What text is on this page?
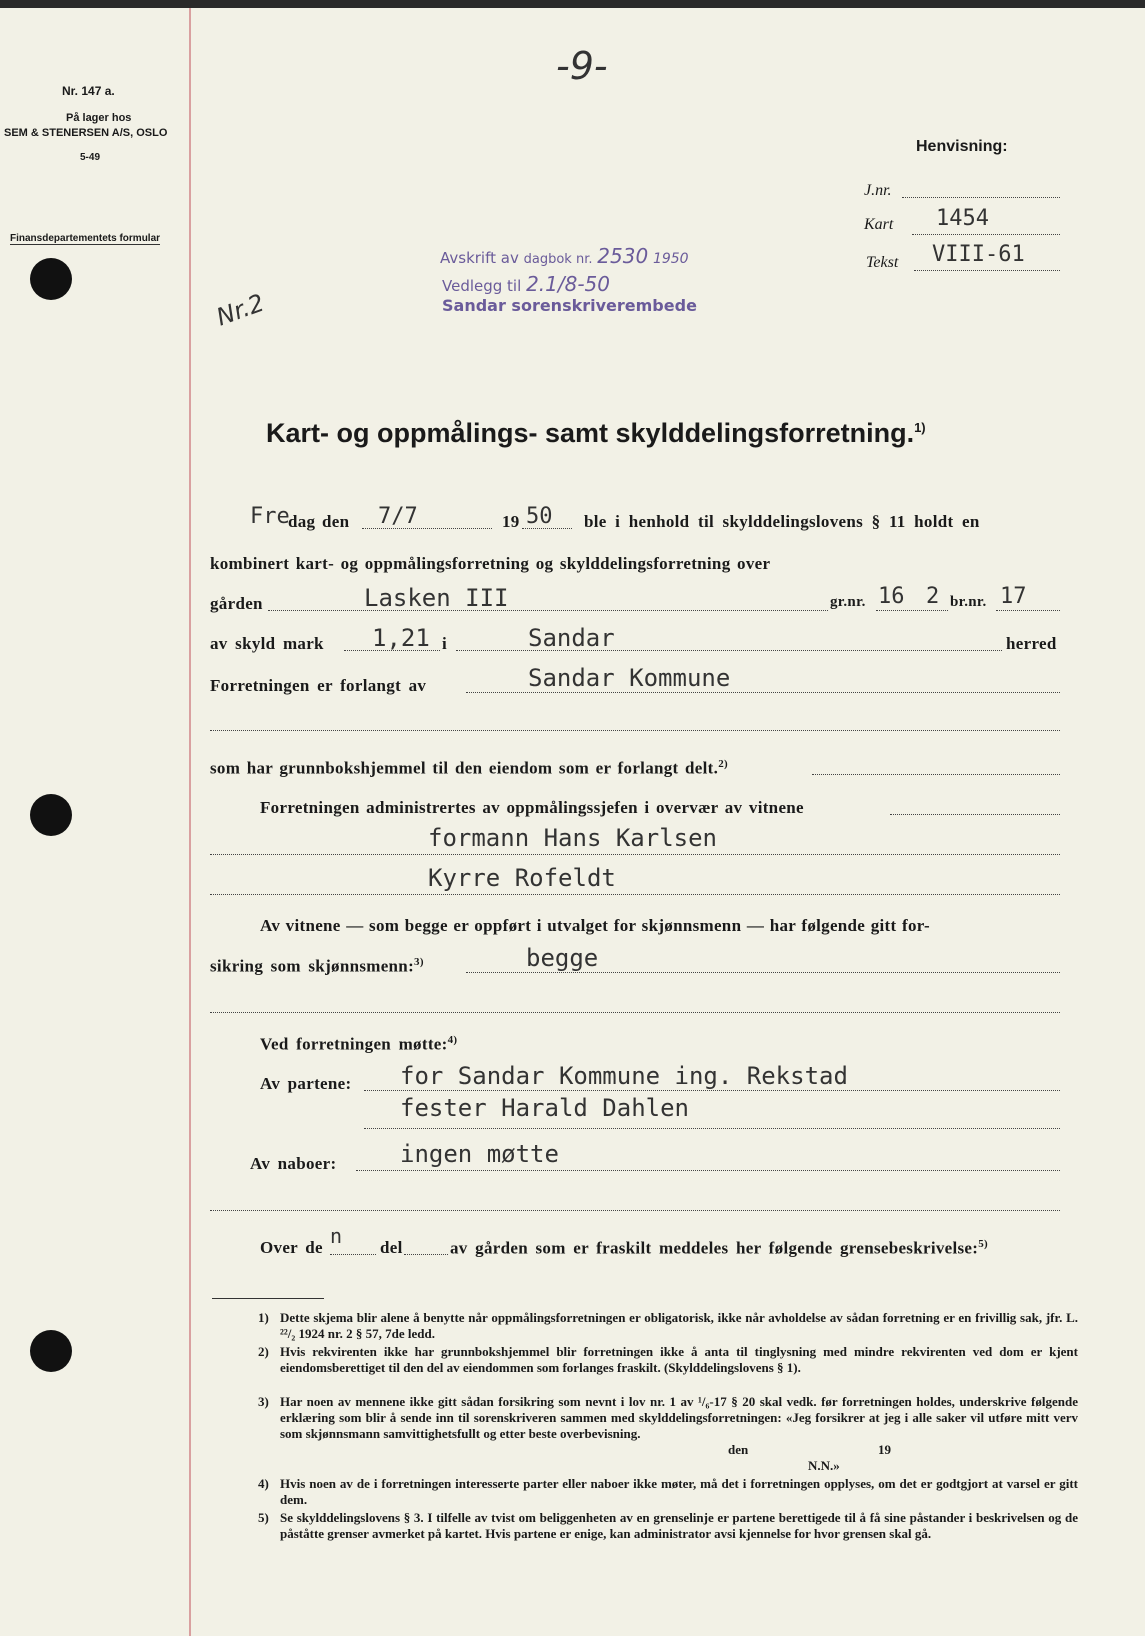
Nr. 147 a.
På lager hos
SEM & STENERSEN A/S, OSLO
5-49
Finansdepartementets formular
-9-
Henvisning:
J.nr.
Kart 1454
Tekst VIII-61
Avskrift av dagbok nr. 2530 1950
Vedlegg til 2.1/8-50
Sandar sorenskriverembede
Nr.2
Kart- og oppmålings- samt skylddelingsforretning.$^{1)}$
Fre
dag den 7/7	19 50 ble i henhold til skylddelingslovens § 11 holdt en
kombinert kart- og oppmålingsforretning og skylddelingsforretning over
gården	Lasken III	gr.nr. 16 2 br.nr. 17
av skyld mark 1,21 i	Sandar	herred
Forretningen er forlangt av	Sandar Kommune
som har grunnbokshjemmel til den eiendom som er forlangt delt.$^{2)}$
Forretningen administrertes av oppmålingssjefen i overvær av vitnene
formann Hans Karlsen
Kyrre Rofeldt
Av vitnene — som begge er oppført i utvalget for skjønnsmenn — har følgende gitt for-
sikring som skjønnsmenn:$^{3)}$	begge
Ved forretningen møtte:$^{4)}$
Av partene: for Sandar Kommune ing. Rekstad
fester Harald Dahlen
Av naboer:	ingen møtte
Over de n del	av gården som er fraskilt meddeles her følgende grensebeskrivelse:$^{5)}$
1) Dette skjema blir alene å benytte når oppmålingsforretningen er obligatorisk, ikke når avholdelse av sådan forretning er en frivillig sak, jfr. L. ²²/₂ 1924 nr. 2 § 57, 7de ledd.
2) Hvis rekvirenten ikke har grunnbokshjemmel blir forretningen ikke å anta til tinglysning med mindre rekvirenten ved dom er kjent eiendomsberettiget til den del av eiendommen som forlanges fraskilt. (Skylddelingslovens § 1).
3) Har noen av mennene ikke gitt sådan forsikring som nevnt i lov nr. 1 av ¹/₆-17 § 20 skal vedk. før forretningen holdes, underskrive følgende erklæring som blir å sende inn til sorenskriveren sammen med skylddelingsforretningen: «Jeg forsikrer at jeg i alle saker vil utføre mitt verv som skjønnsmann samvittighetsfullt og etter beste overbevisning.
den	19
N.N.»
4) Hvis noen av de i forretningen interesserte parter eller naboer ikke møter, må det i forretningen opplyses, om det er godtgjort at varsel er gitt dem.
5) Se skylddelingslovens § 3. I tilfelle av tvist om beliggenheten av en grenselinje er partene berettigede til å få sine påstander i beskrivelsen og de påståtte grenser avmerket på kartet. Hvis partene er enige, kan administrator avsi kjennelse for hvor grensen skal gå.
